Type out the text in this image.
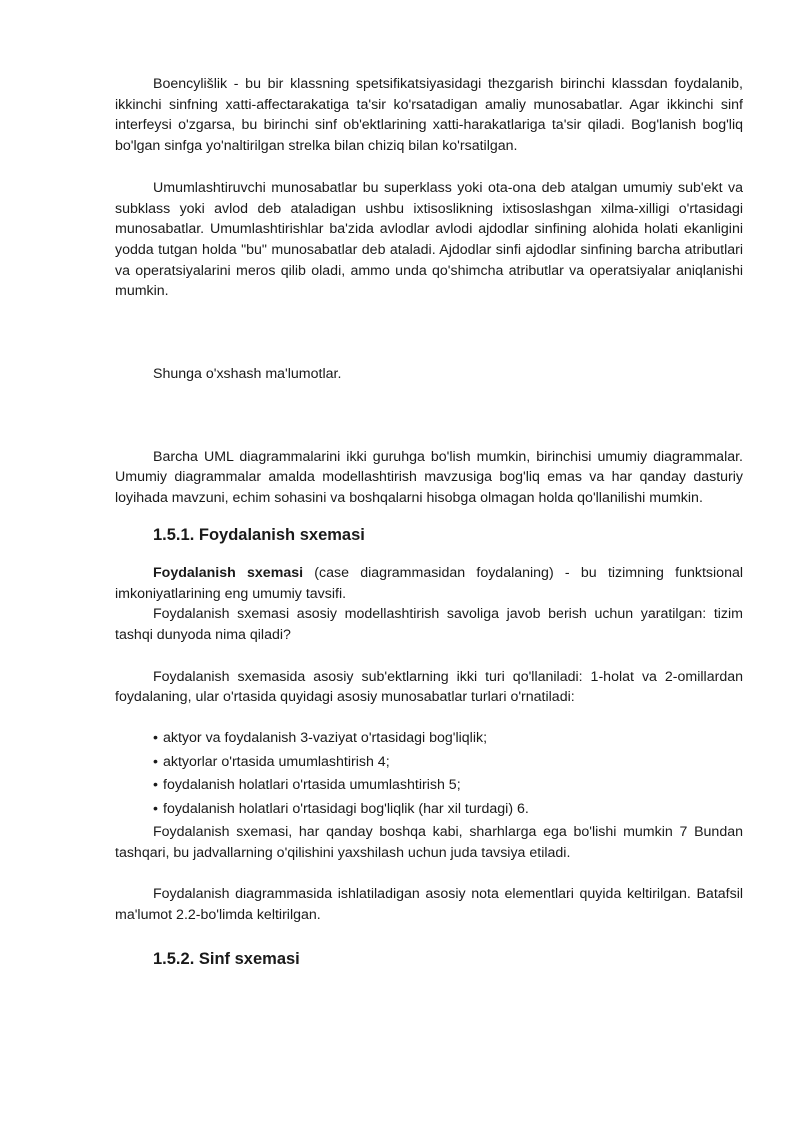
Boencylišlik - bu bir klassning spetsifikatsiyasidagi thezgarish birinchi klassdan foydalanib, ikkinchi sinfning xatti-affectarakatiga ta'sir ko'rsatadigan amaliy munosabatlar. Agar ikkinchi sinf interfeysi o'zgarsa, bu birinchi sinf ob'ektlarining xatti-harakatlariga ta'sir qiladi. Bog'lanish bog'liq bo'lgan sinfga yo'naltirilgan strelka bilan chiziq bilan ko'rsatilgan.

Umumlashtiruvchi munosabatlar bu superklass yoki ota-ona deb atalgan umumiy sub'ekt va subklass yoki avlod deb ataladigan ushbu ixtisoslikning ixtisoslashgan xilma-xilligi o'rtasidagi munosabatlar. Umumlashtirishlar ba'zida avlodlar avlodi ajdodlar sinfining alohida holati ekanligini yodda tutgan holda "bu" munosabatlar deb ataladi. Ajdodlar sinfi ajdodlar sinfining barcha atributlari va operatsiyalarini meros qilib oladi, ammo unda qo'shimcha atributlar va operatsiyalar aniqlanishi mumkin.

Shunga o'xshash ma'lumotlar.

Barcha UML diagrammalarini ikki guruhga bo'lish mumkin, birinchisi umumiy diagrammalar. Umumiy diagrammalar amalda modellashtirish mavzusiga bog'liq emas va har qanday dasturiy loyihada mavzuni, echim sohasini va boshqalarni hisobga olmagan holda qo'llanilishi mumkin.

1.5.1. Foydalanish sxemasi

Foydalanish sxemasi (case diagrammasidan foydalaning) - bu tizimning funktsional imkoniyatlarining eng umumiy tavsifi.

Foydalanish sxemasi asosiy modellashtirish savoliga javob berish uchun yaratilgan: tizim tashqi dunyoda nima qiladi?

Foydalanish sxemasida asosiy sub'ektlarning ikki turi qo'llaniladi: 1-holat va 2-omillardan foydalaning, ular o'rtasida quyidagi asosiy munosabatlar turlari o'rnatiladi:

• aktyor va foydalanish 3-vaziyat o'rtasidagi bog'liqlik;
• aktyorlar o'rtasida umumlashtirish 4;
• foydalanish holatlari o'rtasida umumlashtirish 5;
• foydalanish holatlari o'rtasidagi bog'liqlik (har xil turdagi) 6.

Foydalanish sxemasi, har qanday boshqa kabi, sharhlarga ega bo'lishi mumkin 7 Bundan tashqari, bu jadvallarning o'qilishini yaxshilash uchun juda tavsiya etiladi.

Foydalanish diagrammasida ishlatiladigan asosiy nota elementlari quyida keltirilgan. Batafsil ma'lumot 2.2-bo'limda keltirilgan.

1.5.2. Sinf sxemasi
